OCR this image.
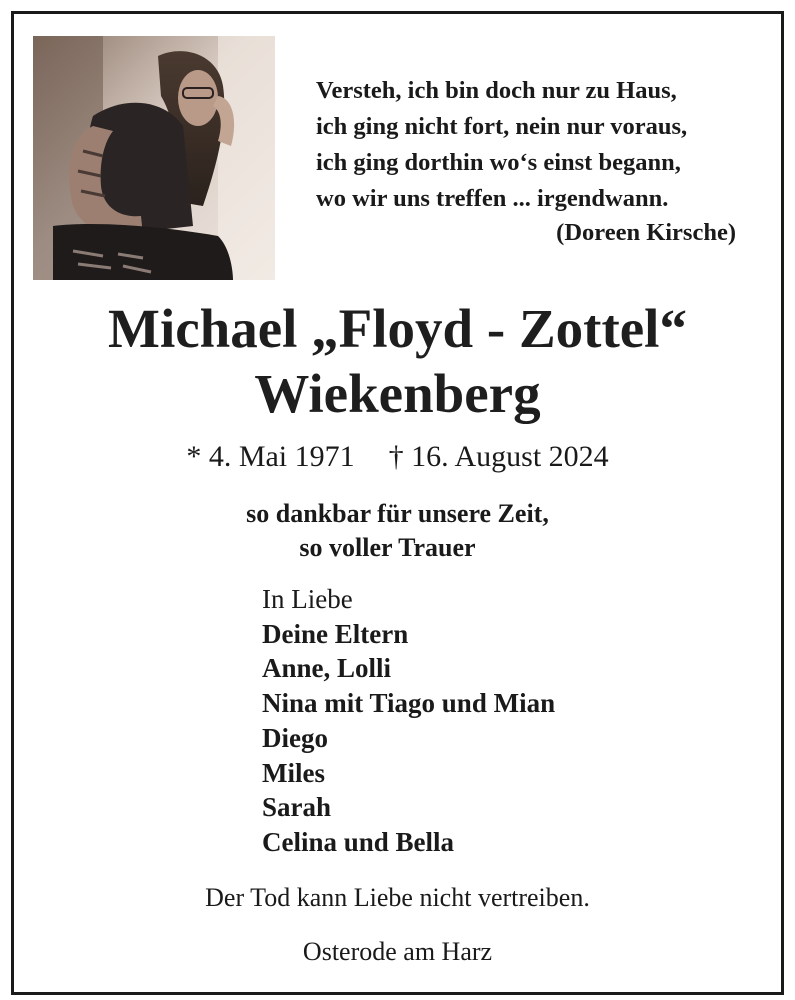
Versteh, ich bin doch nur zu Haus,
ich ging nicht fort, nein nur voraus,
ich ging dorthin wo‘s einst begann,
wo wir uns treffen ... irgendwann.
(Doreen Kirsche)
Michael „Floyd - Zottel“
Wiekenberg
* 4. Mai 1971 † 16. August 2024
so dankbar für unsere Zeit,
so voller Trauer
In Liebe
Deine Eltern
Anne, Lolli
Nina mit Tiago und Mian
Diego
Miles
Sarah
Celina und Bella
Der Tod kann Liebe nicht vertreiben.
Osterode am Harz
